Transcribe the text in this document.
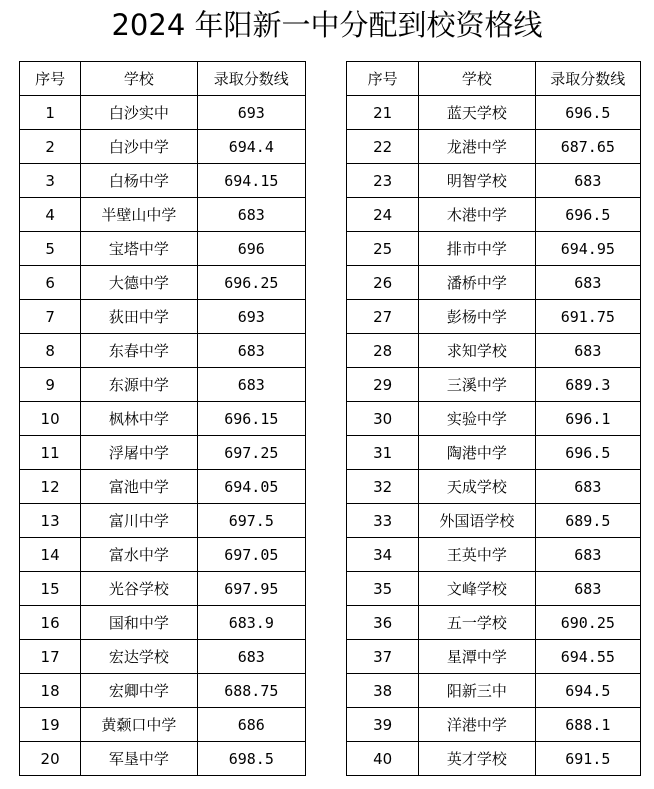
2024 年阳新一中分配到校资格线
序号	学校	录取分数线
1	白沙实中	693
2	白沙中学	694.4
3	白杨中学	694.15
4	半壁山中学	683
5	宝塔中学	696
6	大德中学	696.25
7	荻田中学	693
8	东春中学	683
9	东源中学	683
10	枫林中学	696.15
11	浮屠中学	697.25
12	富池中学	694.05
13	富川中学	697.5
14	富水中学	697.05
15	光谷学校	697.95
16	国和中学	683.9
17	宏达学校	683
18	宏卿中学	688.75
19	黄颡口中学	686
20	军垦中学	698.5
序号	学校	录取分数线
21	蓝天学校	696.5
22	龙港中学	687.65
23	明智学校	683
24	木港中学	696.5
25	排市中学	694.95
26	潘桥中学	683
27	彭杨中学	691.75
28	求知学校	683
29	三溪中学	689.3
30	实验中学	696.1
31	陶港中学	696.5
32	天成学校	683
33	外国语学校	689.5
34	王英中学	683
35	文峰学校	683
36	五一学校	690.25
37	星潭中学	694.55
38	阳新三中	694.5
39	洋港中学	688.1
40	英才学校	691.5
